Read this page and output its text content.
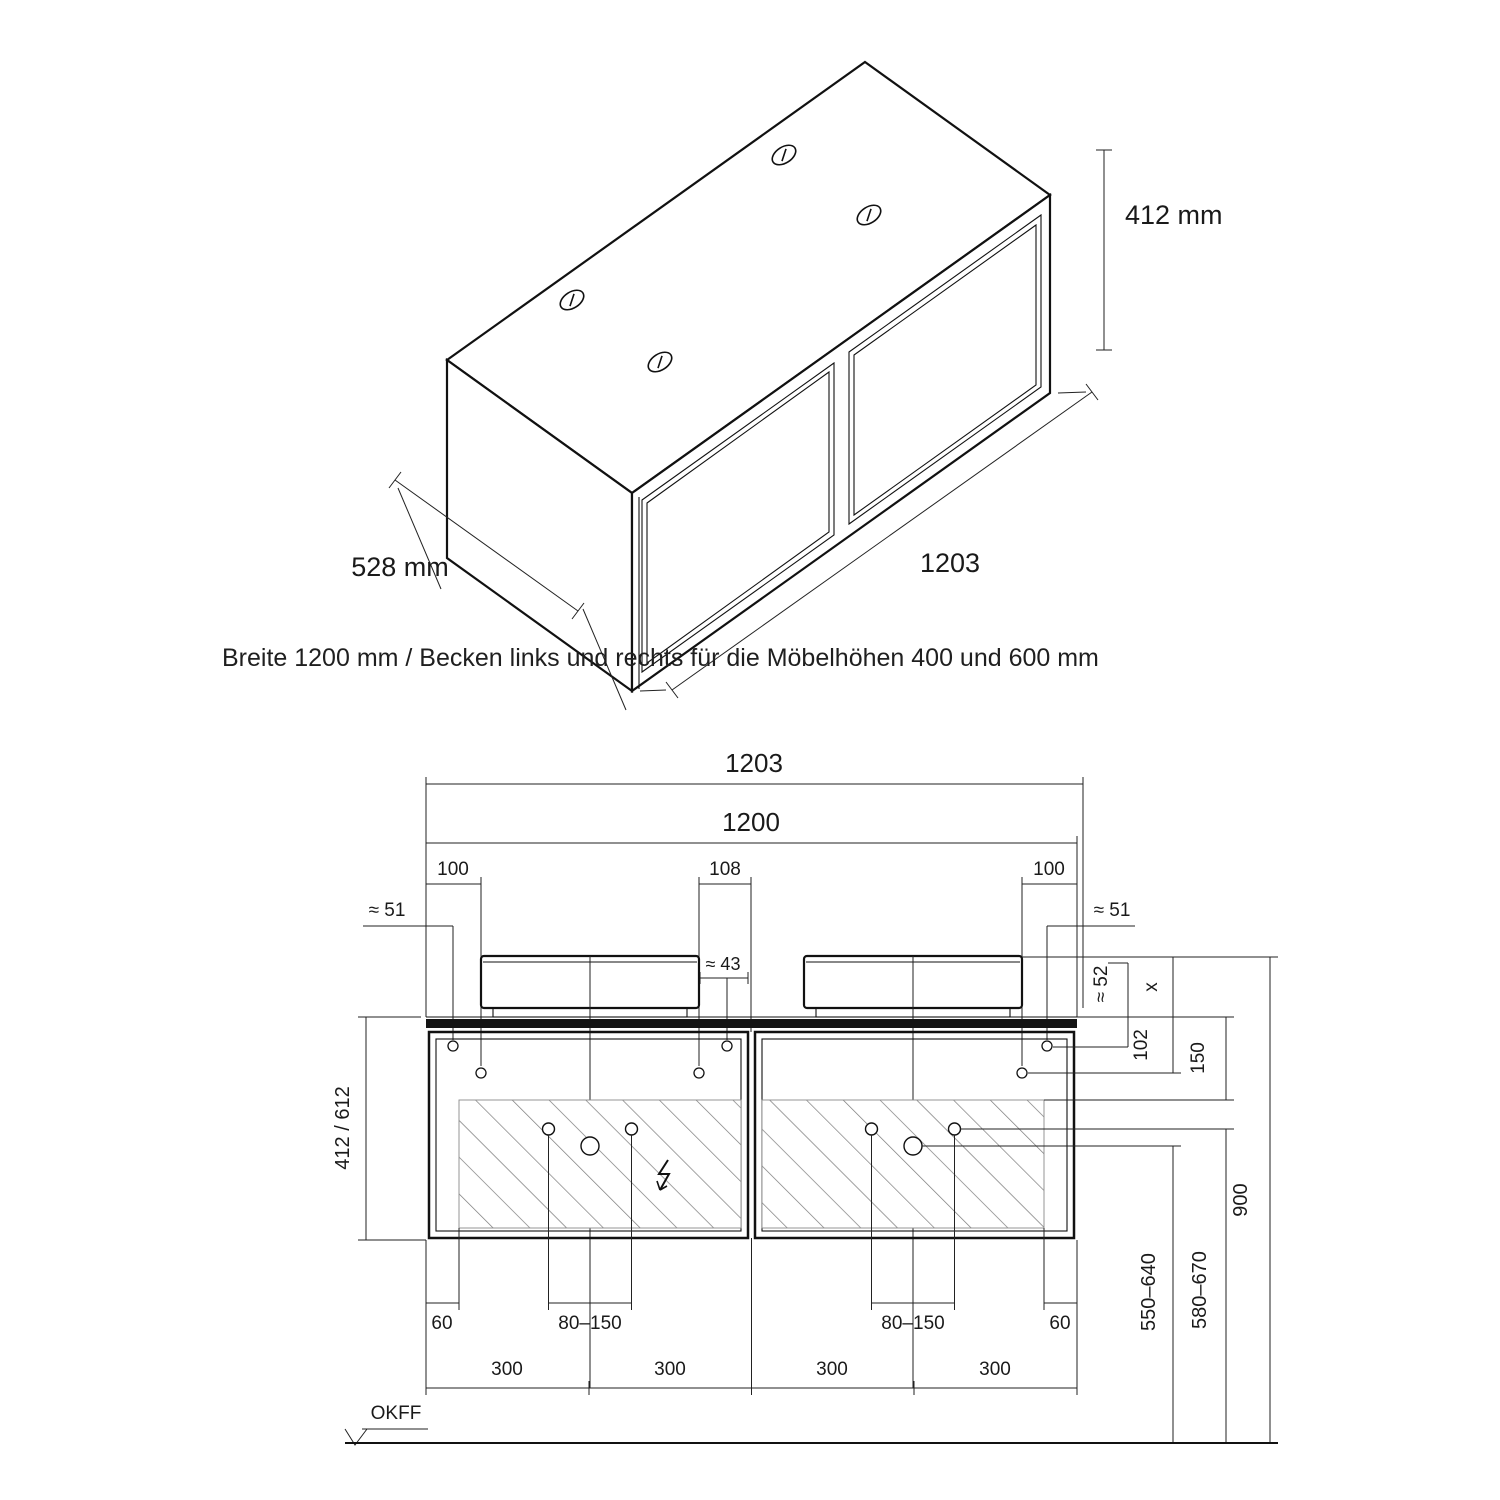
412 mm
1203
528 mm
Breite 1200 mm / Becken links und rechts für die Möbelhöhen 400 und 600 mm
1203
1200
100	108	100
≈ 51	≈ 51
≈ 43
412 / 612
≈ 52 x
102 150
900
550–640 580–670
60	80–150	80–150	60
300	300	300	300
OKFF
